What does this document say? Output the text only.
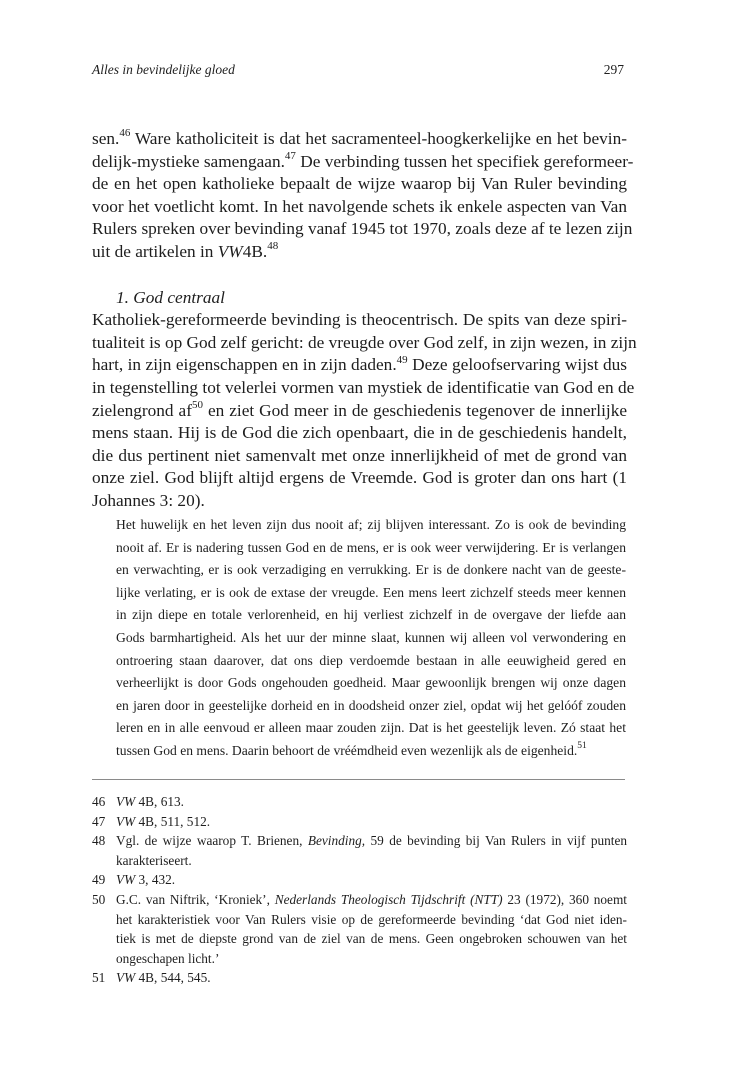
Alles in bevindelijke gloed	297
sen.$^{46}$ Ware katholiciteit is dat het sacramenteel-hoogkerkelijke en het bevin-
delijk-mystieke samengaan.$^{47}$ De verbinding tussen het specifiek gereformeer-
de en het open katholieke bepaalt de wijze waarop bij Van Ruler bevinding
voor het voetlicht komt. In het navolgende schets ik enkele aspecten van Van
Rulers spreken over bevinding vanaf 1945 tot 1970, zoals deze af te lezen zijn
uit de artikelen in VW4B.$^{48}$
1. God centraal
Katholiek-gereformeerde bevinding is theocentrisch. De spits van deze spiri-
tualiteit is op God zelf gericht: de vreugde over God zelf, in zijn wezen, in zijn
hart, in zijn eigenschappen en in zijn daden.$^{49}$ Deze geloofservaring wijst dus
in tegenstelling tot velerlei vormen van mystiek de identificatie van God en de
zielengrond $af^{50}$ en ziet God meer in de geschiedenis tegenover de innerlijke
mens staan. Hij is de God die zich openbaart, die in de geschiedenis handelt,
die dus pertinent niet samenvalt met onze innerlijkheid of met de grond van
onze ziel. God blijft altijd ergens de Vreemde. God is groter dan ons hart (1
Johannes 3: 20).
Het huwelijk en het leven zijn dus nooit af; zij blijven interessant. Zo is ook de bevinding
nooit af. Er is nadering tussen God en de mens, er is ook weer verwijdering. Er is verlangen
en verwachting, er is ook verzadiging en verrukking. Er is de donkere nacht van de geeste-
lijke verlating, er is ook de extase der vreugde. Een mens leert zichzelf steeds meer kennen
in zijn diepe en totale verlorenheid, en hij verliest zichzelf in de overgave der liefde aan
Gods barmhartigheid. Als het uur der minne slaat, kunnen wij alleen vol verwondering en
ontroering staan daarover, dat ons diep verdoemde bestaan in alle eeuwigheid gered en
verheerlijkt is door Gods ongehouden goedheid. Maar gewoonlijk brengen wij onze dagen
en jaren door in geestelijke dorheid en in doodsheid onzer ziel, opdat wij het gelóóf zouden
leren en in alle eenvoud er alleen maar zouden zijn. Dat is het geestelijk leven. Zó staat het
tussen God en mens. Daarin behoort de vréémdheid even wezenlijk als de eigenheid.$^{51}$
46 VW 4B, 613.
47 VW 4B, 511, 512.
48 Vgl. de wijze waarop T. Brienen, Bevinding, 59 de bevinding bij Van Rulers in vijf punten
karakteriseert.
49 VW 3, 432.
50 G.C. van Niftrik, ‘Kroniek’, Nederlands Theologisch Tijdschrift (NTT) 23 (1972), 360 noemt
het karakteristiek voor Van Rulers visie op de gereformeerde bevinding ‘dat God niet iden-
tiek is met de diepste grond van de ziel van de mens. Geen ongebroken schouwen van het
ongeschapen licht.’
51 VW 4B, 544, 545.
